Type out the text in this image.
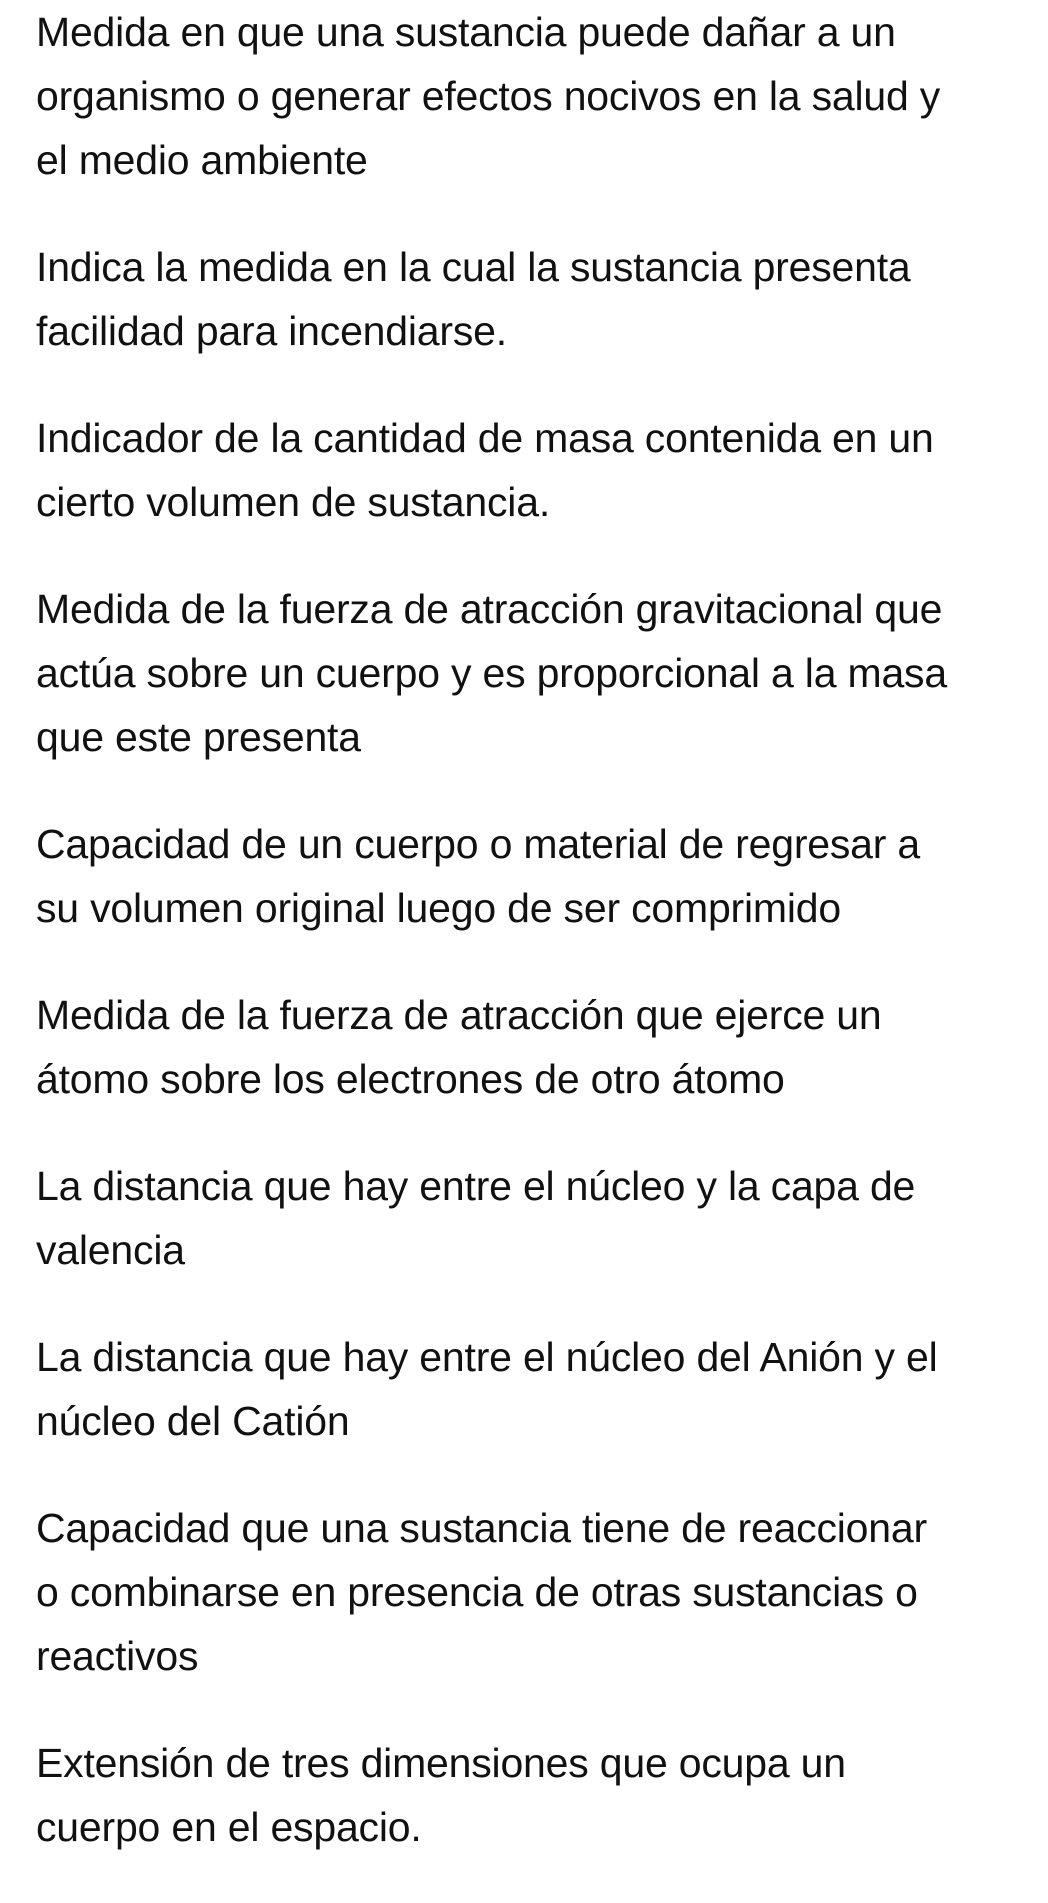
Medida en que una sustancia puede dañar a un
organismo o generar efectos nocivos en la salud y
el medio ambiente

Indica la medida en la cual la sustancia presenta
facilidad para incendiarse.

Indicador de la cantidad de masa contenida en un
cierto volumen de sustancia.

Medida de la fuerza de atracción gravitacional que
actúa sobre un cuerpo y es proporcional a la masa
que este presenta

Capacidad de un cuerpo o material de regresar a
su volumen original luego de ser comprimido

Medida de la fuerza de atracción que ejerce un
átomo sobre los electrones de otro átomo

La distancia que hay entre el núcleo y la capa de
valencia

La distancia que hay entre el núcleo del Anión y el
núcleo del Catión

Capacidad que una sustancia tiene de reaccionar
o combinarse en presencia de otras sustancias o
reactivos

Extensión de tres dimensiones que ocupa un
cuerpo en el espacio.
